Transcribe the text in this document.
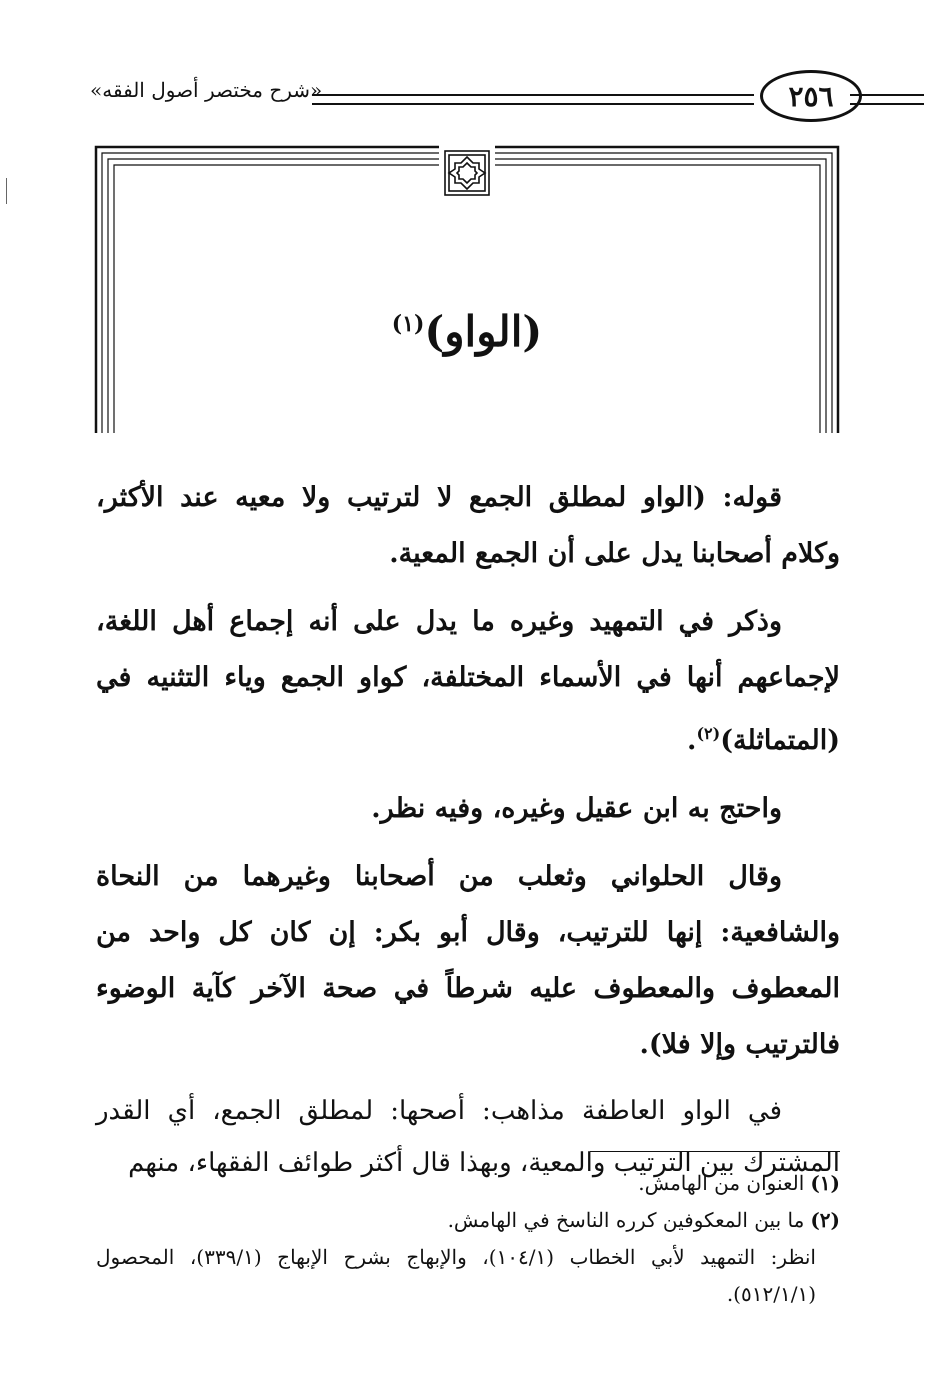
«شرح مختصر أصول الفقه»	٢٥٦
(الواو)$^{(١)}$

قوله: (الواو لمطلق الجمع لا لترتيب ولا معيه عند الأكثر، وكلام أصحابنا يدل على أن الجمع المعية.

وذكر في التمهيد وغيره ما يدل على أنه إجماع أهل اللغة، لإجماعهم أنها في الأسماء المختلفة، كواو الجمع وياء التثنيه في (المتماثلة)$^{(٢)}$.

واحتج به ابن عقيل وغيره، وفيه نظر.

وقال الحلواني وثعلب من أصحابنا وغيرهما من النحاة والشافعية: إنها للترتيب، وقال أبو بكر: إن كان كل واحد من المعطوف والمعطوف عليه شرطاً في صحة الآخر كآية الوضوء فالترتيب وإلا فلا).

في الواو العاطفة مذاهب: أصحها: لمطلق الجمع، أي القدر المشترك بين الترتيب والمعية، وبهذا قال أكثر طوائف الفقهاء، منهم

(١)العنوان من الهامش.

(٢)ما بين المعكوفين كرره الناسخ في الهامش.

انظر: التمهيد لأبي الخطاب (١٠٤/١)، والإبهاج بشرح الإبهاج (٣٣٩/١)، المحصول (٥١٢/١/١).
